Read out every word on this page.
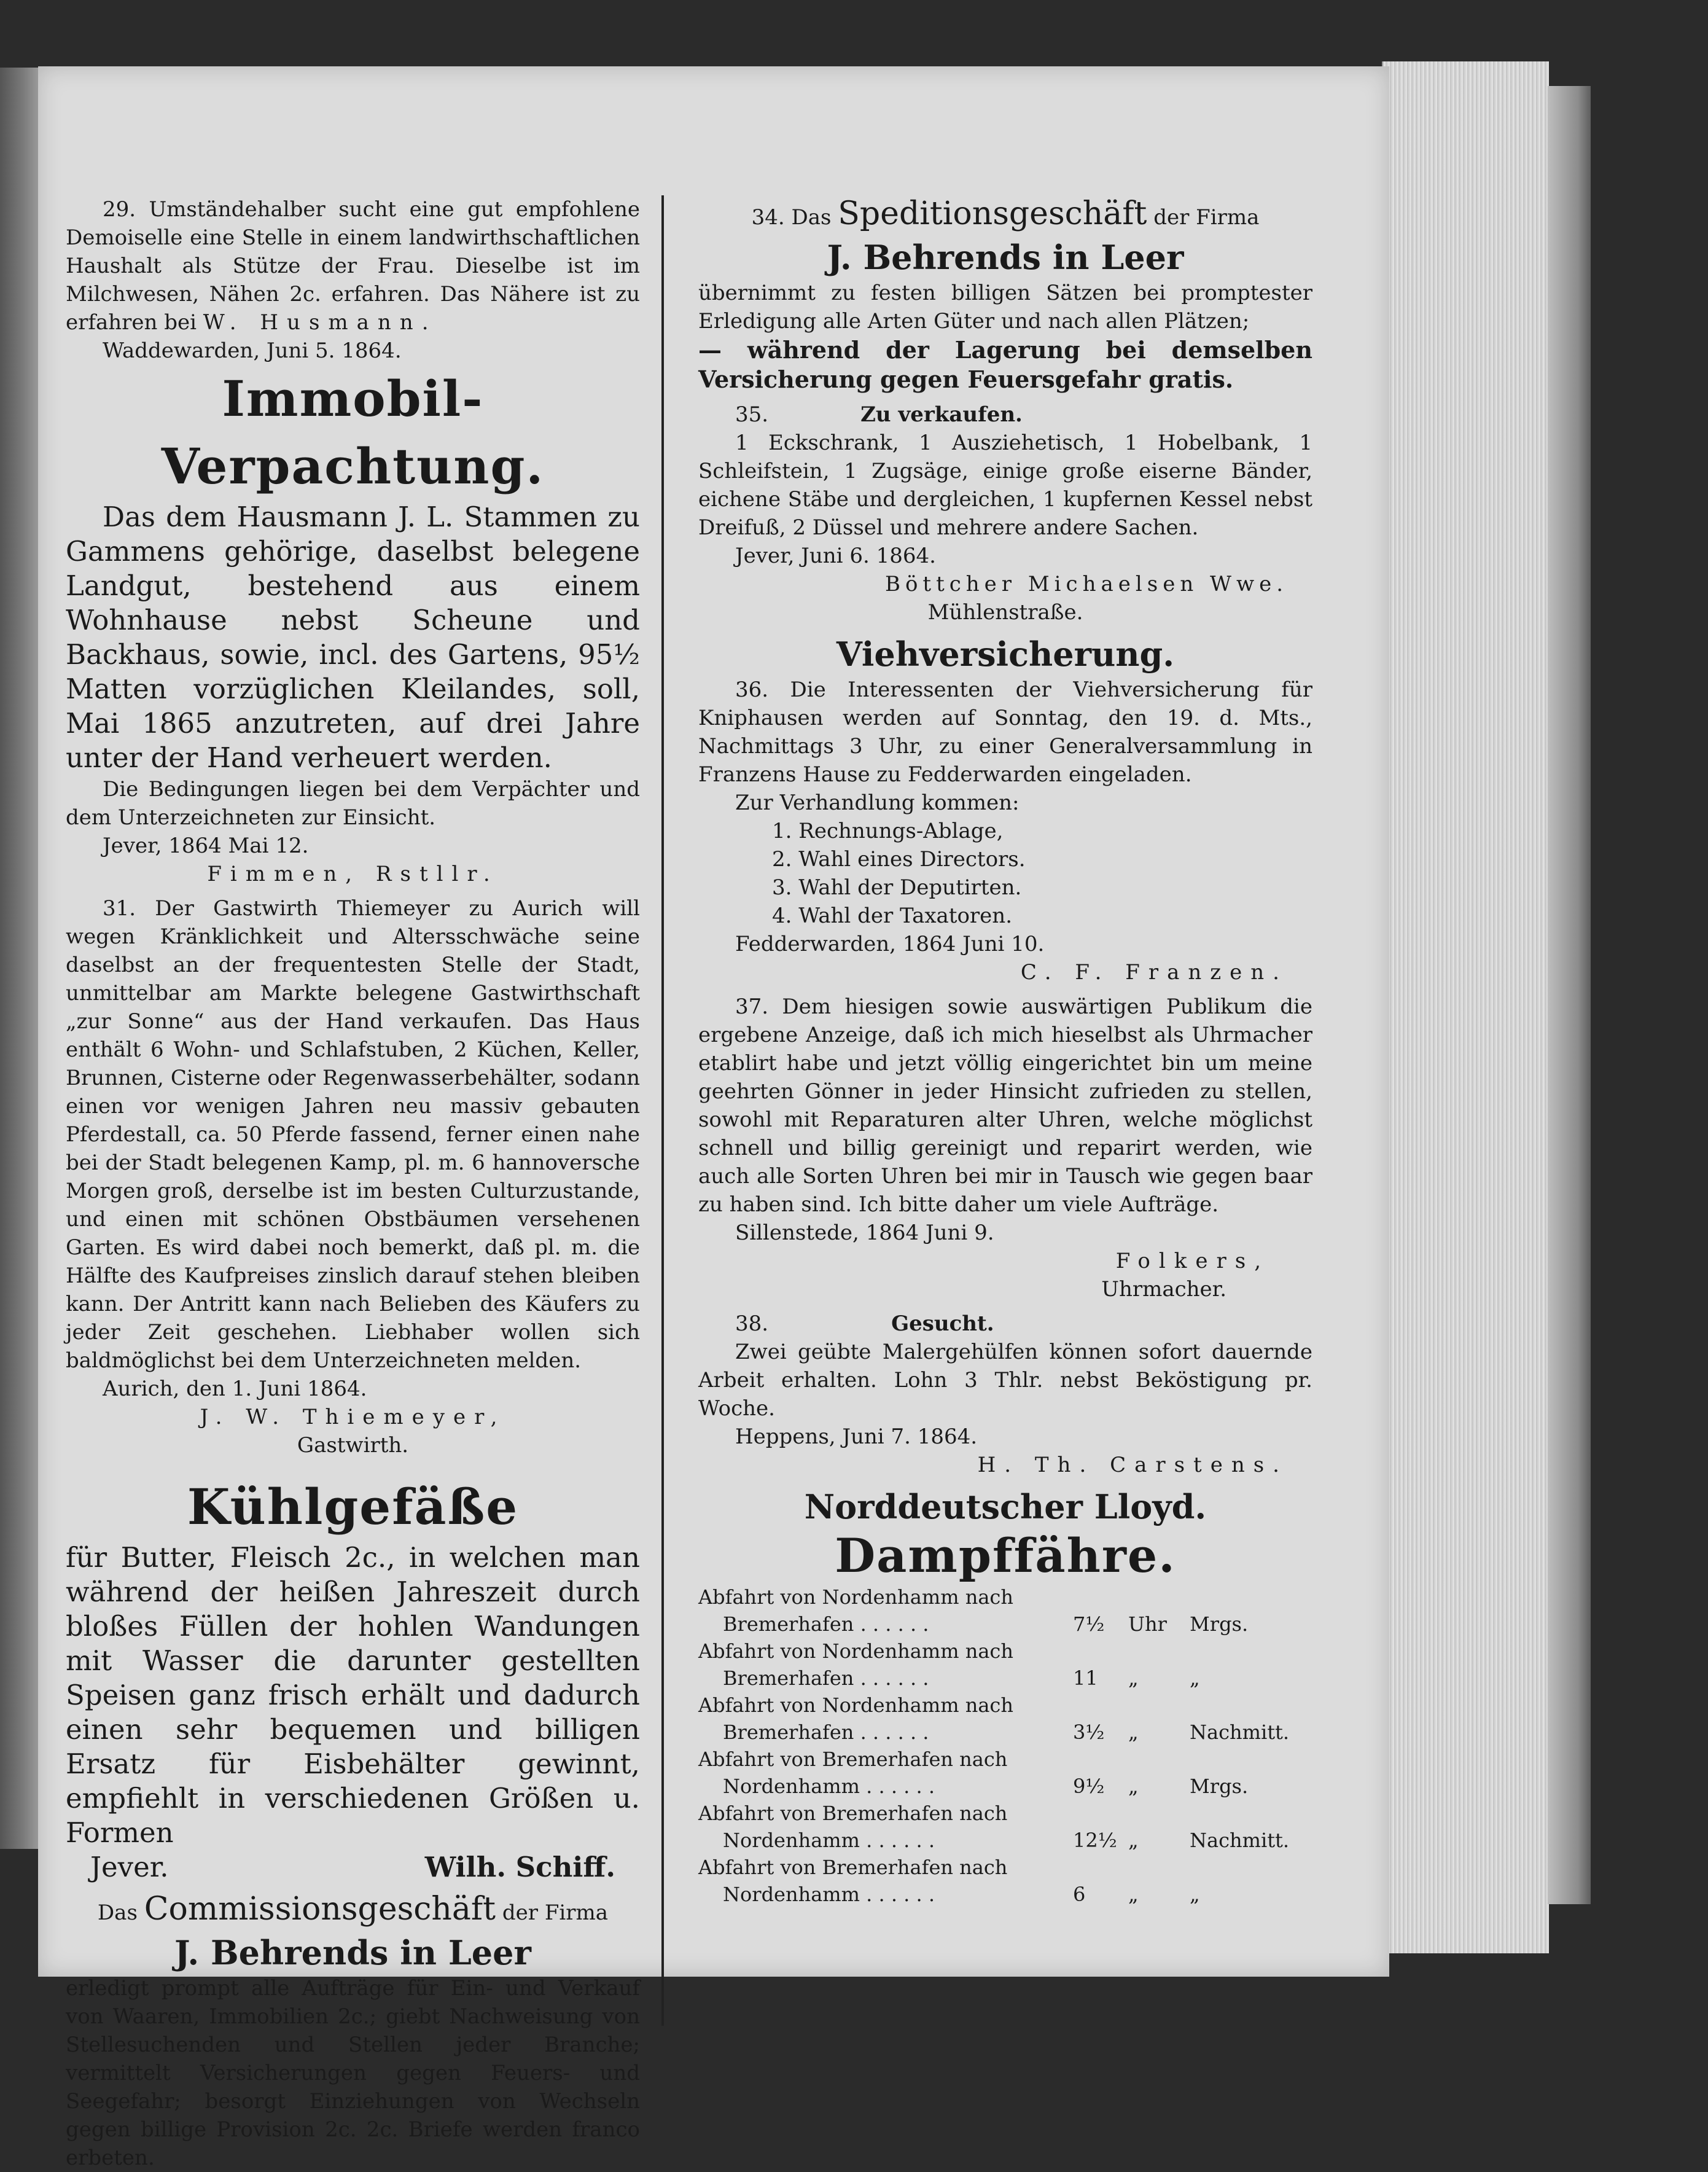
29. Umständehalber sucht eine gut empfohlene Demoiselle eine Stelle in einem landwirthschaftlichen Haushalt als Stütze der Frau. Dieselbe ist im Milchwesen, Nähen 2c. erfahren. Das Nähere ist zu erfahren bei W. Husmann.

Waddewarden, Juni 5. 1864.

Immobil-Verpachtung.

Das dem Hausmann J. L. Stammen zu Gammens gehörige, daselbst belegene Landgut, bestehend aus einem Wohnhause nebst Scheune und Backhaus, sowie, incl. des Gartens, 95½ Matten vorzüglichen Kleilandes, soll, Mai 1865 anzutreten, auf drei Jahre unter der Hand verheuert werden.

Die Bedingungen liegen bei dem Verpächter und dem Unterzeichneten zur Einsicht.

Jever, 1864 Mai 12.

Fimmen, Rstllr.

31. Der Gastwirth Thiemeyer zu Aurich will wegen Kränklichkeit und Altersschwäche seine daselbst an der frequentesten Stelle der Stadt, unmittelbar am Markte belegene Gastwirthschaft „zur Sonne“ aus der Hand verkaufen. Das Haus enthält 6 Wohn- und Schlafstuben, 2 Küchen, Keller, Brunnen, Cisterne oder Regenwasserbehälter, sodann einen vor wenigen Jahren neu massiv gebauten Pferdestall, ca. 50 Pferde fassend, ferner einen nahe bei der Stadt belegenen Kamp, pl. m. 6 hannoversche Morgen groß, derselbe ist im besten Culturzustande, und einen mit schönen Obstbäumen versehenen Garten. Es wird dabei noch bemerkt, daß pl. m. die Hälfte des Kaufpreises zinslich darauf stehen bleiben kann. Der Antritt kann nach Belieben des Käufers zu jeder Zeit geschehen. Liebhaber wollen sich baldmöglichst bei dem Unterzeichneten melden.

Aurich, den 1. Juni 1864.

J. W. Thiemeyer,

Gastwirth.

Kühlgefäße

für Butter, Fleisch 2c., in welchen man während der heißen Jahreszeit durch bloßes Füllen der hohlen Wandungen mit Wasser die darunter gestellten Speisen ganz frisch erhält und dadurch einen sehr bequemen und billigen Ersatz für Eisbehälter gewinnt, empfiehlt in verschiedenen Größen u. Formen

Jever.	Wilh. Schiff.

Das Commissionsgeschäft der Firma

J. Behrends in Leer

erledigt prompt alle Aufträge für Ein- und Verkauf von Waaren, Immobilien 2c.; giebt Nachweisung von Stellesuchenden und Stellen jeder Branche; vermittelt Versicherungen gegen Feuers- und Seegefahr; besorgt Einziehungen von Wechseln gegen billige Provision 2c. 2c. Briefe werden franco erbeten.

34. Das Speditionsgeschäft der Firma

J. Behrends in Leer

übernimmt zu festen billigen Sätzen bei promptester Erledigung alle Arten Güter und nach allen Plätzen;

— während der Lagerung bei demselben Versicherung gegen Feuersgefahr gratis.

35.	Zu verkaufen.

1 Eckschrank, 1 Ausziehetisch, 1 Hobelbank, 1 Schleifstein, 1 Zugsäge, einige große eiserne Bänder, eichene Stäbe und dergleichen, 1 kupfernen Kessel nebst Dreifuß, 2 Düssel und mehrere andere Sachen.

Jever, Juni 6. 1864.

Böttcher Michaelsen Wwe.

Mühlenstraße.

Viehversicherung.

36. Die Interessenten der Viehversicherung für Kniphausen werden auf Sonntag, den 19. d. Mts., Nachmittags 3 Uhr, zu einer Generalversammlung in Franzens Hause zu Fedderwarden eingeladen.

Zur Verhandlung kommen:

1. Rechnungs-Ablage,

2. Wahl eines Directors.

3. Wahl der Deputirten.

4. Wahl der Taxatoren.

Fedderwarden, 1864 Juni 10.

C. F. Franzen.

37. Dem hiesigen sowie auswärtigen Publikum die ergebene Anzeige, daß ich mich hieselbst als Uhrmacher etablirt habe und jetzt völlig eingerichtet bin um meine geehrten Gönner in jeder Hinsicht zufrieden zu stellen, sowohl mit Reparaturen alter Uhren, welche möglichst schnell und billig gereinigt und reparirt werden, wie auch alle Sorten Uhren bei mir in Tausch wie gegen baar zu haben sind. Ich bitte daher um viele Aufträge.

Sillenstede, 1864 Juni 9.

Folkers,

Uhrmacher.

38.	Gesucht.

Zwei geübte Malergehülfen können sofort dauernde Arbeit erhalten. Lohn 3 Thlr. nebst Beköstigung pr. Woche.

Heppens, Juni 7. 1864.

H. Th. Carstens.

Norddeutscher Lloyd.

Dampffähre.

Abfahrt von Nordenhamm nach			
Bremerhafen . . . . . .	7½	Uhr	Mrgs.
Abfahrt von Nordenhamm nach			
Bremerhafen . . . . . .	11	„	„
Abfahrt von Nordenhamm nach			
Bremerhafen . . . . . .	3½	„	Nachmitt.
Abfahrt von Bremerhafen nach			
Nordenhamm . . . . . .	9½	„	Mrgs.
Abfahrt von Bremerhafen nach			
Nordenhamm . . . . . .	12½	„	Nachmitt.
Abfahrt von Bremerhafen nach			
Nordenhamm . . . . . .	6	„	„
